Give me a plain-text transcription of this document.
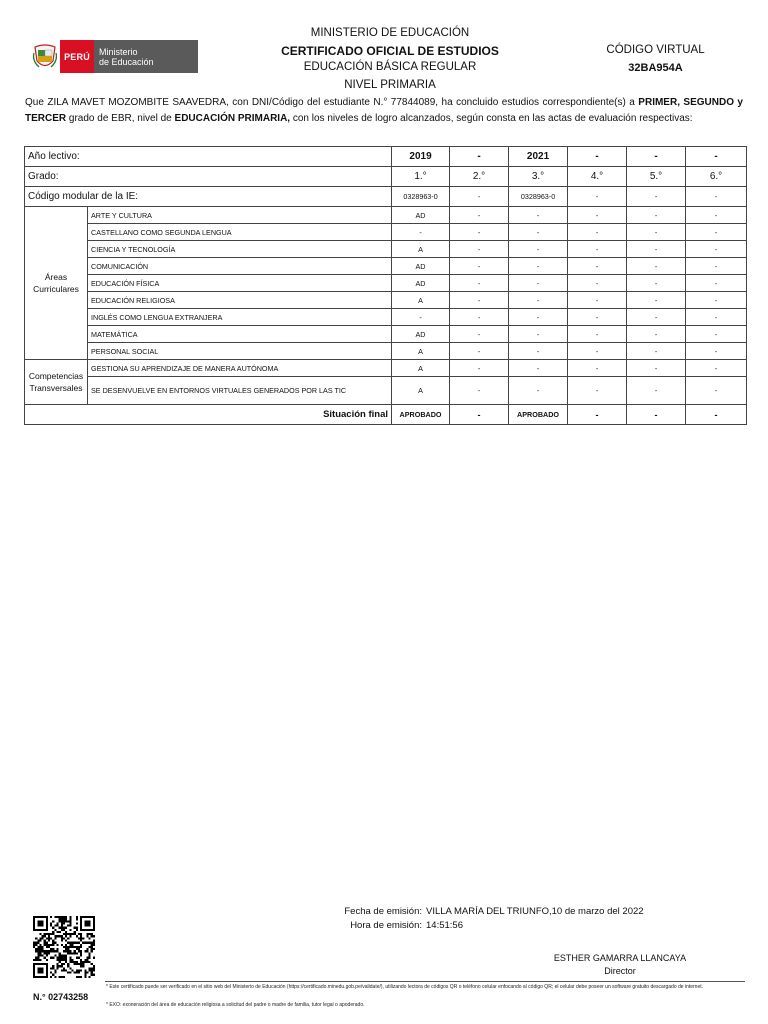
PERÚ	Ministerio
de Educación
MINISTERIO DE EDUCACIÓN
CERTIFICADO OFICIAL DE ESTUDIOS
EDUCACIÓN BÁSICA REGULAR
NIVEL PRIMARIA
CÓDIGO VIRTUAL
32BA954A
Que ZILA MAVET MOZOMBITE SAAVEDRA, con DNI/Código del estudiante N.° 77844089, ha concluido estudios correspondiente(s) a PRIMER, SEGUNDO y TERCER grado de EBR, nivel de EDUCACIÓN PRIMARIA, con los niveles de logro alcanzados, según consta en las actas de evaluación respectivas:
Año lectivo:		2019	-	2021	-	-	-
Grado:		1.°	2.°	3.°	4.°	5.°	6.°
Código modular de la IE:		0328963-0	-	0328963-0	-	-	-
Áreas Curriculares	ARTE Y CULTURA	AD	-	-	-	-	-
	CASTELLANO COMO SEGUNDA LENGUA	-	-	-	-	-	-
	CIENCIA Y TECNOLOGÍA	A	-	-	-	-	-
	COMUNICACIÓN	AD	-	-	-	-	-
	EDUCACIÓN FÍSICA	AD	-	-	-	-	-
	EDUCACIÓN RELIGIOSA	A	-	-	-	-	-
	INGLÉS COMO LENGUA EXTRANJERA	-	-	-	-	-	-
	MATEMÁTICA	AD	-	-	-	-	-
	PERSONAL SOCIAL	A	-	-	-	-	-
Competencias Transversales	GESTIONA SU APRENDIZAJE DE MANERA AUTÓNOMA	A	-	-	-	-	-
	SE DESENVUELVE EN ENTORNOS VIRTUALES GENERADOS POR LAS TIC	A	-	-	-	-	-
Situación final		APROBADO	-	APROBADO	-	-	-
Fecha de emisión: VILLA MARÍA DEL TRIUNFO,10 de marzo del 2022
Hora de emisión: 14:51:56
N.° 02743258
ESTHER GAMARRA LLANCAYA
Director
* Este certificado puede ser verificado en el sitio web del Ministerio de Educación (https://certificado.minedu.gob.pe/validate/), utilizando lectora de códigos QR o teléfono celular enfocando al código QR; el celular debe poseer un software gratuito descargado de internet.
* EXO: exoneración del área de educación religiosa a solicitud del padre o madre de familia, tutor legal o apoderado.
